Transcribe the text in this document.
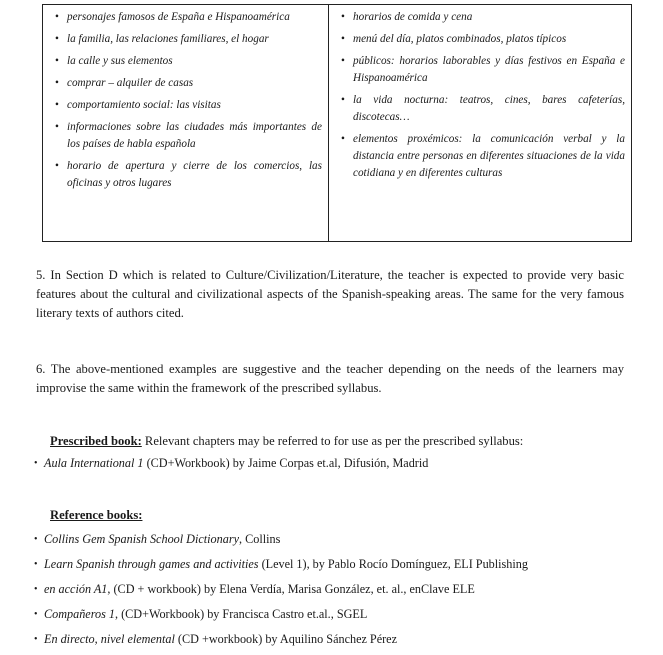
• personajes famosos de España e Hispanoamérica
• la familia, las relaciones familiares, el hogar
• la calle y sus elementos
• comprar – alquiler de casas
• comportamiento social: las visitas
• informaciones sobre las ciudades más importantes de los países de habla española
• horario de apertura y cierre de los comercios, las oficinas y otros lugares
• horarios de comida y cena
• menú del día, platos combinados, platos típicos
• públicos: horarios laborables y días festivos en España e Hispanoamérica
• la vida nocturna: teatros, cines, bares cafeterías, discotecas…
• elementos proxémicos: la comunicación verbal y la distancia entre personas en diferentes situaciones de la vida cotidiana y en diferentes culturas

5. In Section D which is related to Culture/Civilization/Literature, the teacher is expected to provide very basic features about the cultural and civilizational aspects of the Spanish-speaking areas. The same for the very famous literary texts of authors cited.

6. The above-mentioned examples are suggestive and the teacher depending on the needs of the learners may improvise the same within the framework of the prescribed syllabus.

Prescribed book: Relevant chapters may be referred to for use as per the prescribed syllabus:

• Aula International 1 (CD+Workbook) by Jaime Corpas et.al, Difusión, Madrid

Reference books:

• Collins Gem Spanish School Dictionary, Collins
• Learn Spanish through games and activities (Level 1), by Pablo Rocío Domínguez, ELI Publishing
• en acción A1, (CD + workbook) by Elena Verdía, Marisa González, et. al., enClave ELE
• Compañeros 1, (CD+Workbook) by Francisca Castro et.al., SGEL
• En directo, nivel elemental (CD +workbook) by Aquilino Sánchez Pérez
